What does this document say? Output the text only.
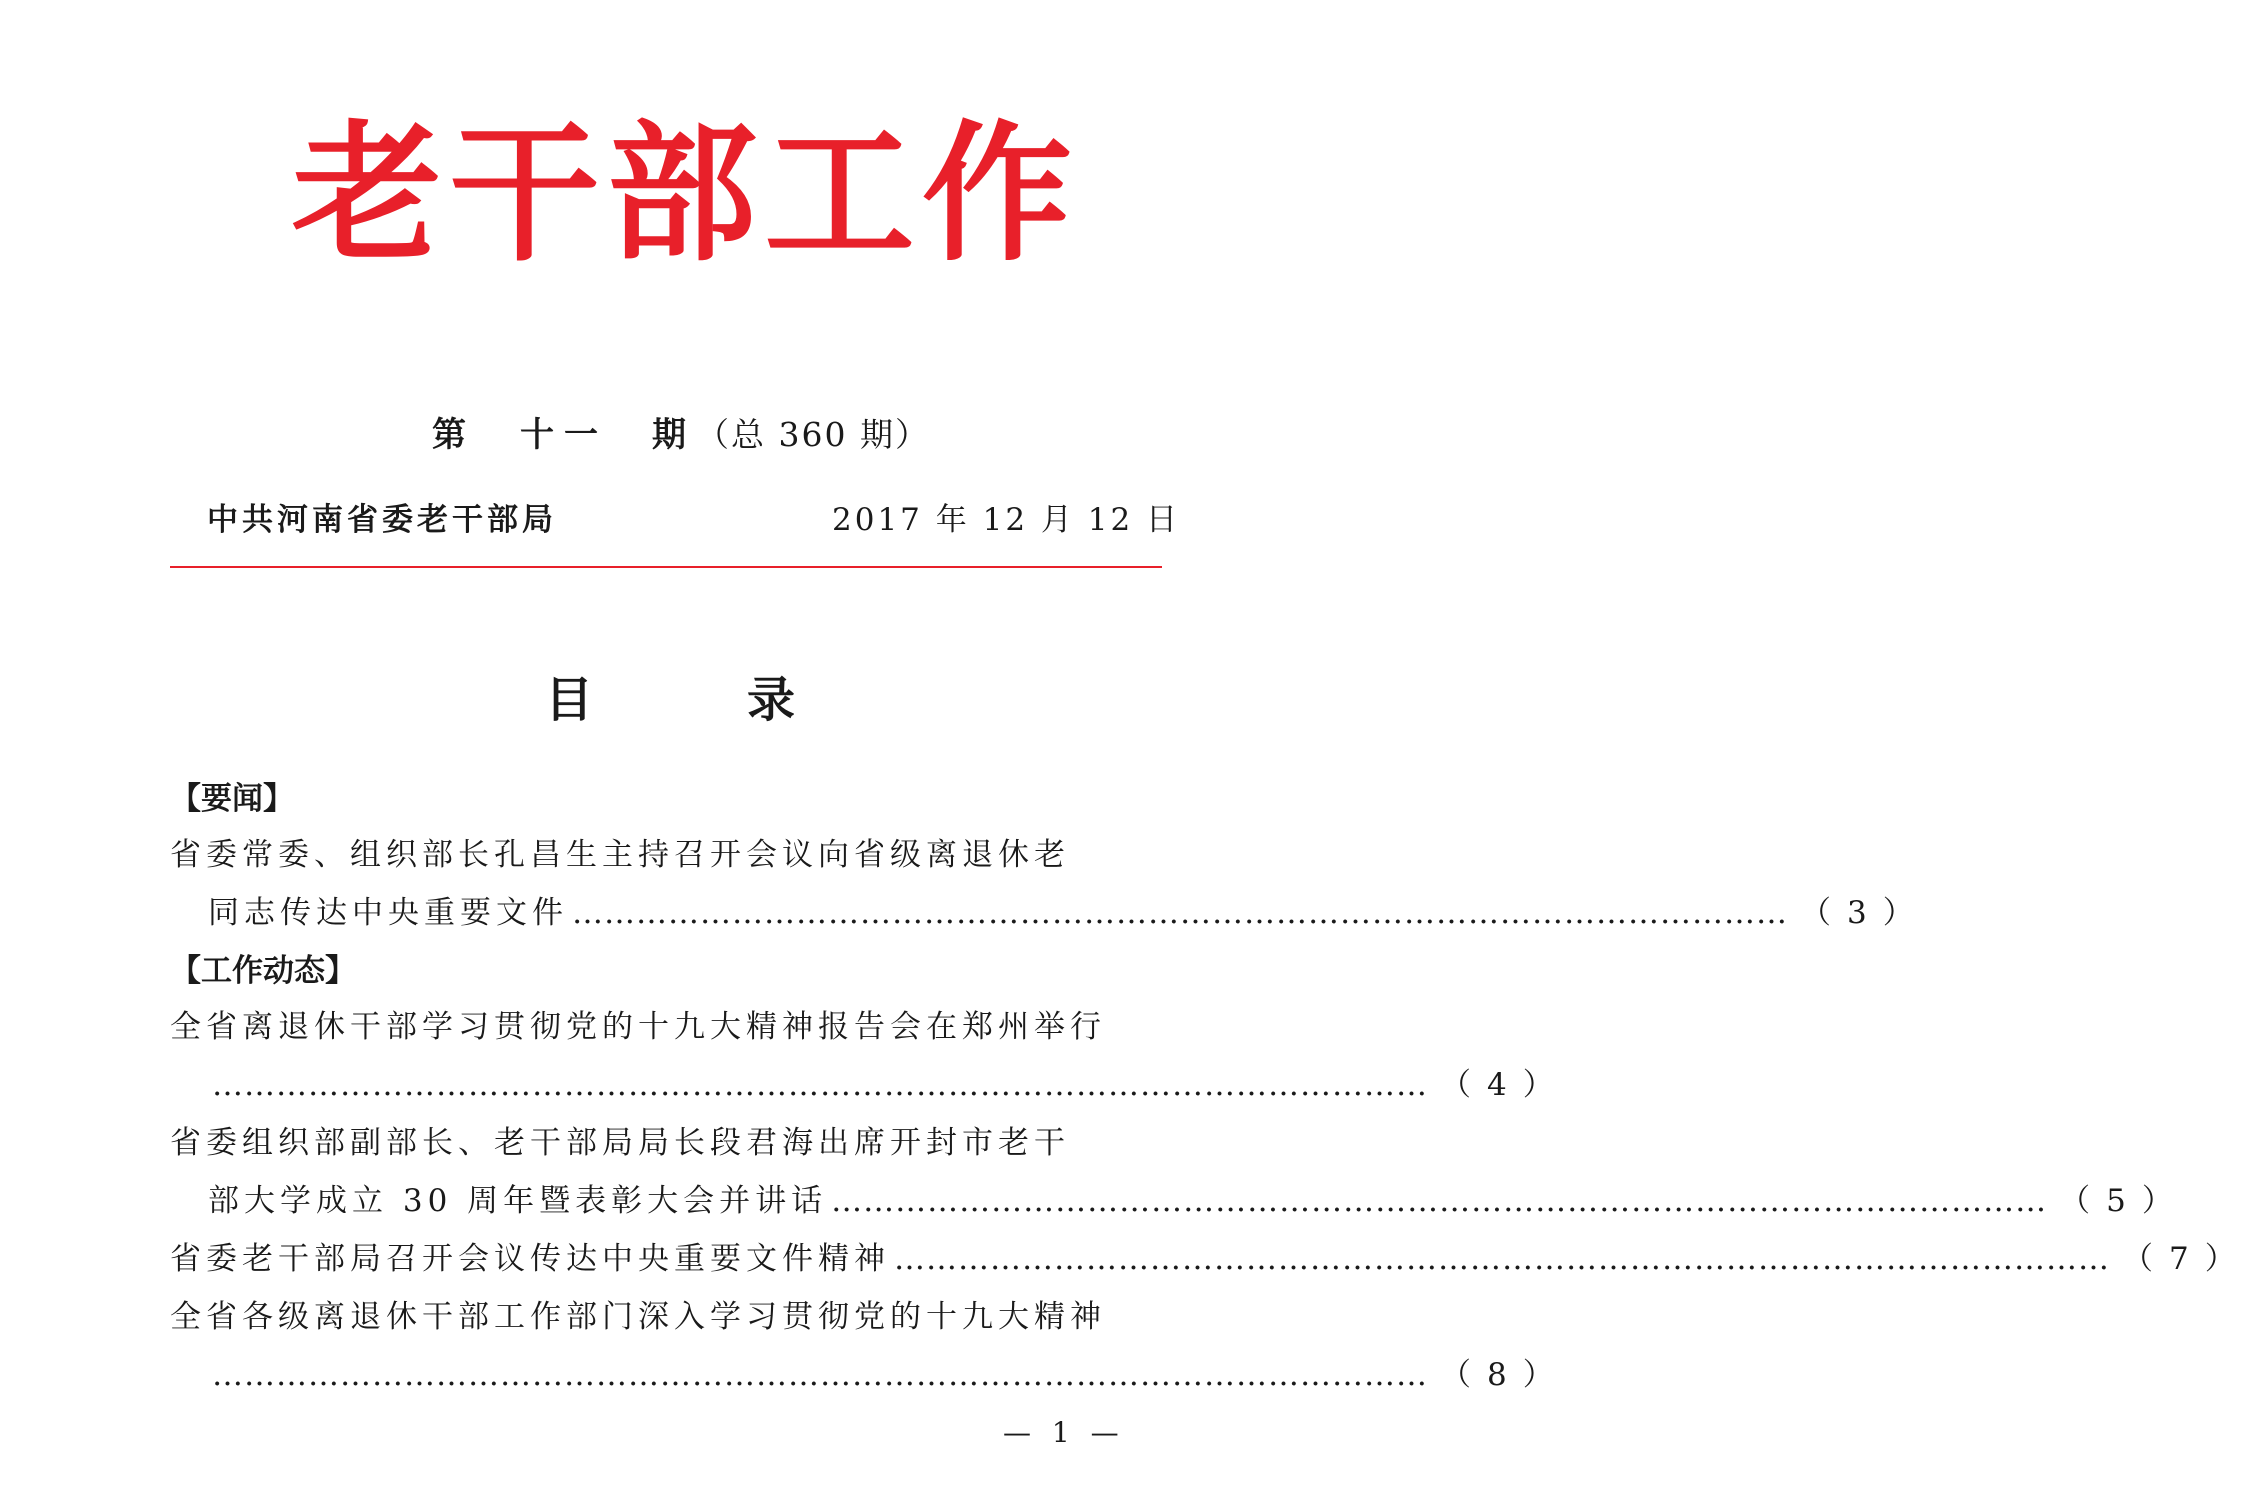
老 干 部 工 作
第　十一　期（总 360 期）
中共河南省委老干部局	2017 年 12 月 12 日
目	录
【要闻】
省委常委、组织部长孔昌生主持召开会议向省级离退休老
同志传达中央重要文件 …………………………………………………………………………………………………… （3）
【工作动态】
全省离退休干部学习贯彻党的十九大精神报告会在郑州举行
…………………………………………………………………………………………………… （4）
省委组织部副部长、老干部局局长段君海出席开封市老干
部大学成立 30 周年暨表彰大会并讲话 …………………………………………………………………………………………………… （5）
省委老干部局召开会议传达中央重要文件精神 …………………………………………………………………………………………………… （7）
全省各级离退休干部工作部门深入学习贯彻党的十九大精神
…………………………………………………………………………………………………… （8）
— 1 —
